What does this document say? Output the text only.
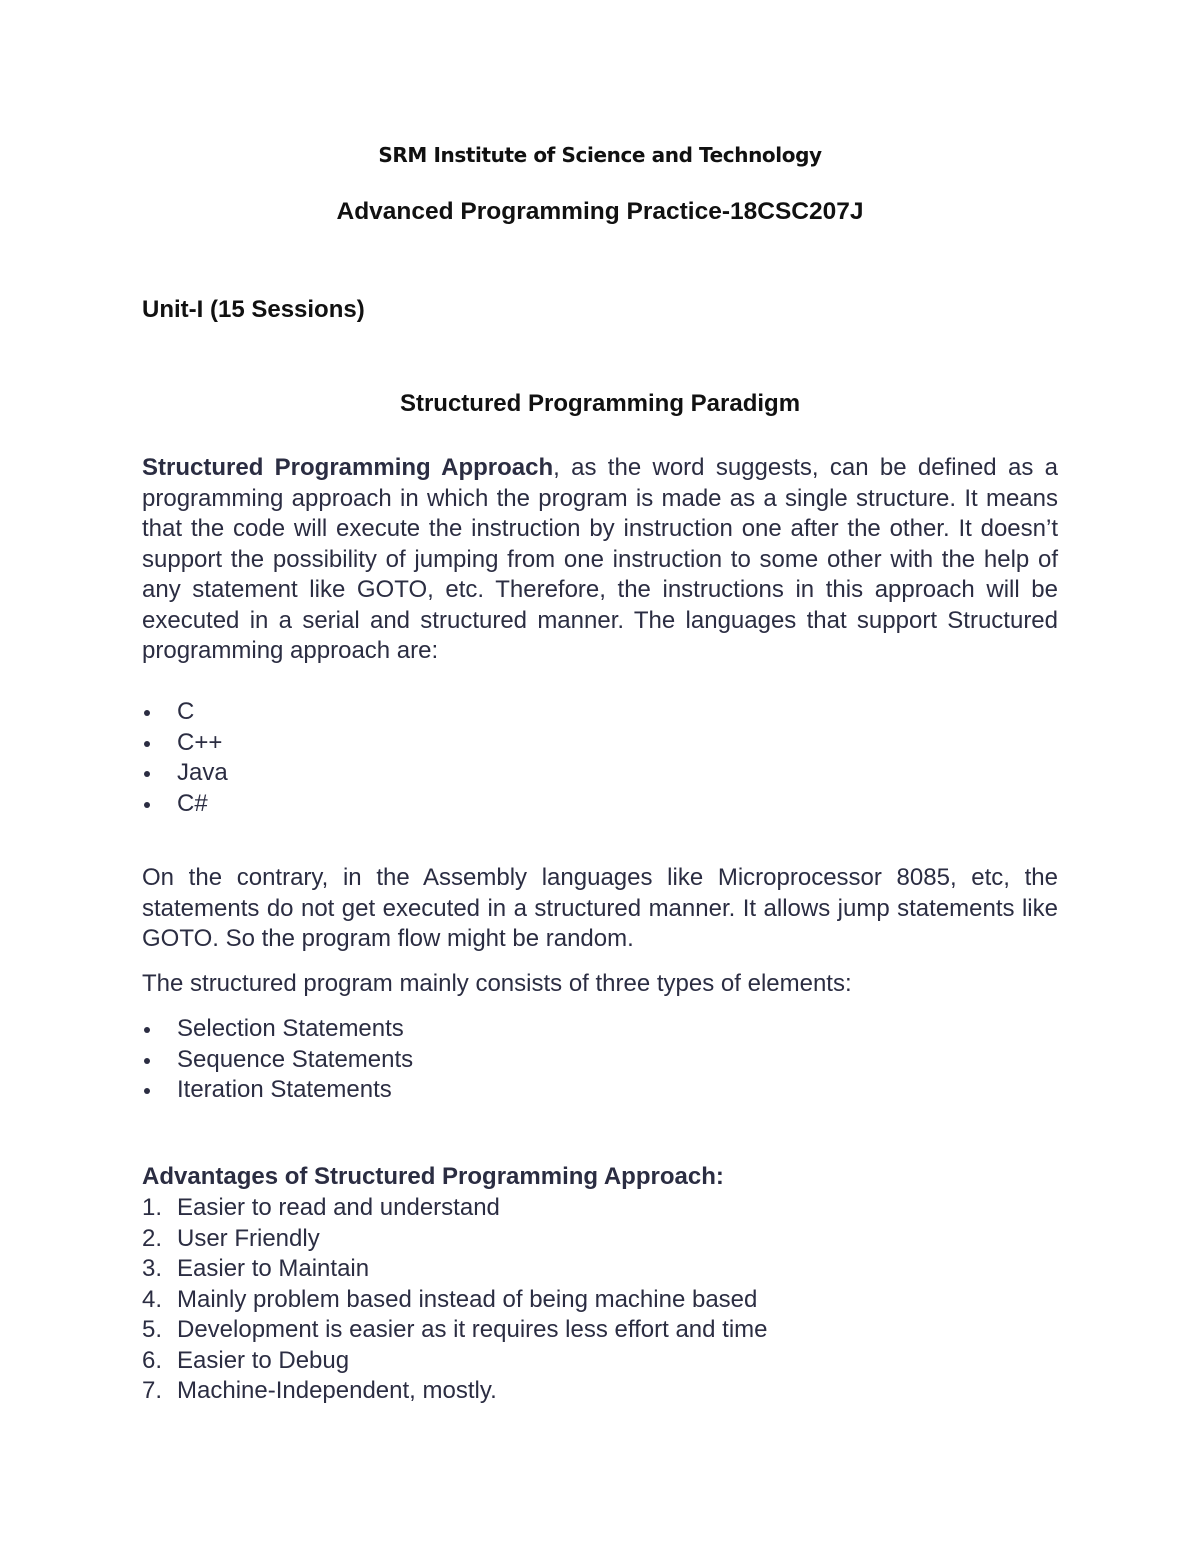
SRM Institute of Science and Technology
Advanced Programming Practice-18CSC207J
Unit-I (15 Sessions)
Structured Programming Paradigm

Structured Programming Approach, as the word suggests, can be defined as a programming approach in which the program is made as a single structure. It means that the code will execute the instruction by instruction one after the other. It doesn’t support the possibility of jumping from one instruction to some other with the help of any statement like GOTO, etc. Therefore, the instructions in this approach will be executed in a serial and structured manner. The languages that support Structured programming approach are:

C
C++
Java
C#

On the contrary, in the Assembly languages like Microprocessor 8085, etc, the statements do not get executed in a structured manner. It allows jump statements like GOTO. So the program flow might be random.

The structured program mainly consists of three types of elements:

Selection Statements
Sequence Statements
Iteration Statements

Advantages of Structured Programming Approach:

1. Easier to read and understand
2. User Friendly
3. Easier to Maintain
4. Mainly problem based instead of being machine based
5. Development is easier as it requires less effort and time
6. Easier to Debug
7. Machine-Independent, mostly.
